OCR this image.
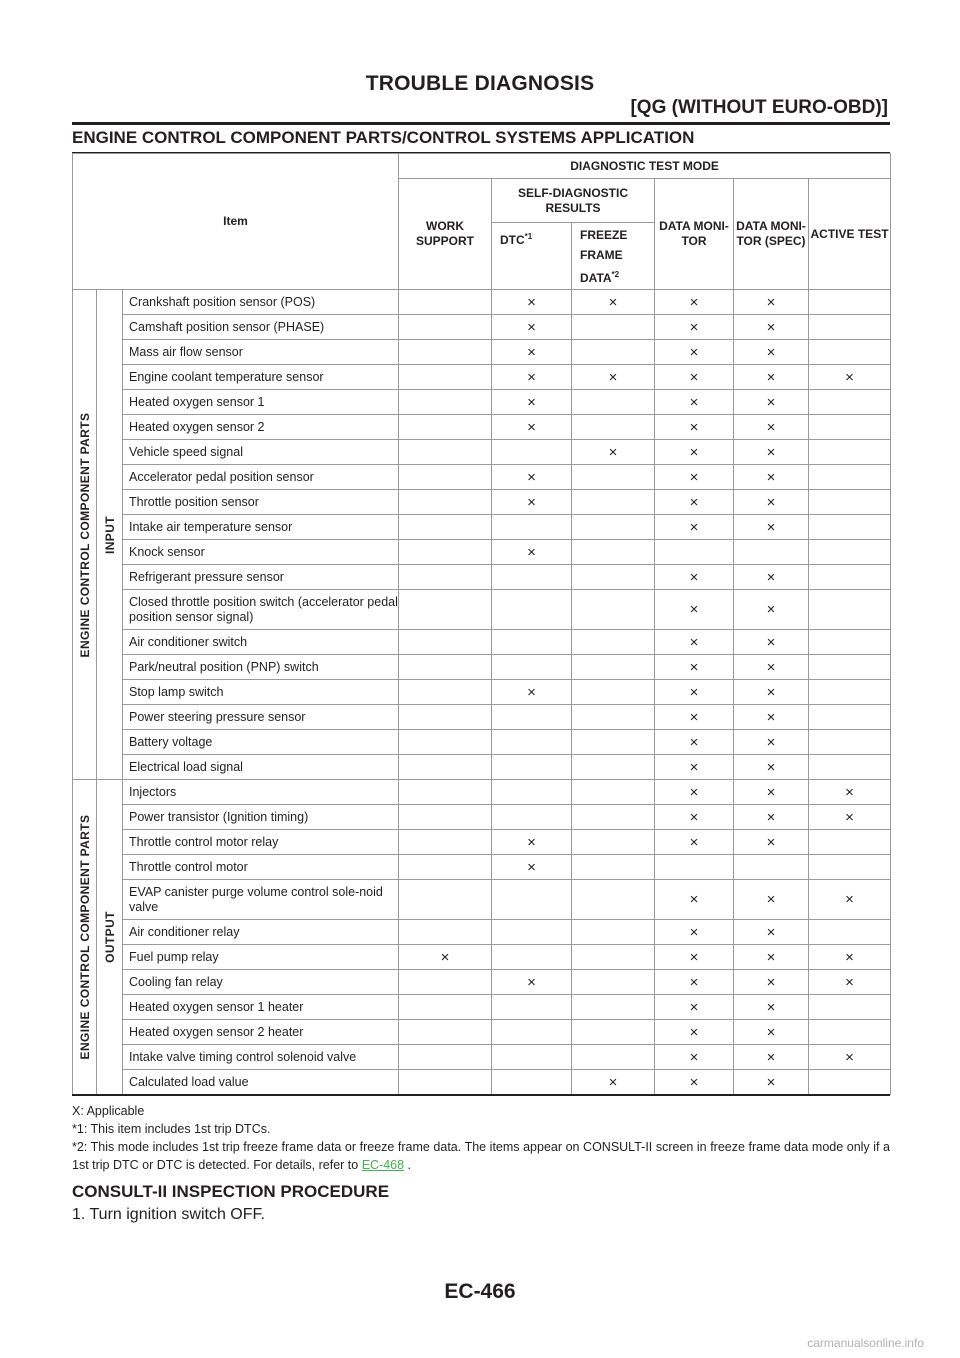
TROUBLE DIAGNOSIS
[QG (WITHOUT EURO-OBD)]
ENGINE CONTROL COMPONENT PARTS/CONTROL SYSTEMS APPLICATION
Item			DIAGNOSTIC TEST MODE					
			WORK SUPPORT	SELF-DIAGNOSTIC RESULTS		DATA MONI-TOR	DATA MONI-TOR (SPEC)	ACTIVE TEST
				DTC$^{*1}$	FREEZE FRAME DATA$^{*2}$

ENGINE CONTROL COMPONENT PARTS	INPUT	Crankshaft position sensor (POS)		×	×	×	×	
		Camshaft position sensor (PHASE)		×		×	×	
		Mass air flow sensor		×		×	×	
		Engine coolant temperature sensor		×	×	×	×	×
		Heated oxygen sensor 1		×		×	×	
		Heated oxygen sensor 2		×		×	×	
		Vehicle speed signal			×	×	×	
		Accelerator pedal position sensor		×		×	×	
		Throttle position sensor		×		×	×	
		Intake air temperature sensor				×	×	
		Knock sensor		×				
		Refrigerant pressure sensor				×	×	
		Closed throttle position switch (accelerator pedal position sensor signal)				×	×	
		Air conditioner switch				×	×	
		Park/neutral position (PNP) switch				×	×	
		Stop lamp switch		×		×	×	
		Power steering pressure sensor				×	×	
		Battery voltage				×	×	
		Electrical load signal				×	×	

ENGINE CONTROL COMPONENT PARTS	OUTPUT	Injectors				×	×	×
		Power transistor (Ignition timing)				×	×	×
		Throttle control motor relay		×		×	×	
		Throttle control motor		×				
		EVAP canister purge volume control sole-noid valve				×	×	×
		Air conditioner relay				×	×	
		Fuel pump relay	×			×	×	×
		Cooling fan relay		×		×	×	×
		Heated oxygen sensor 1 heater				×	×	
		Heated oxygen sensor 2 heater				×	×	
		Intake valve timing control solenoid valve				×	×	×
		Calculated load value			×	×	×	

X: Applicable

*1: This item includes 1st trip DTCs.

*2: This mode includes 1st trip freeze frame data or freeze frame data. The items appear on CONSULT-II screen in freeze frame data mode only if a 1st trip DTC or DTC is detected. For details, refer to EC-468 .

CONSULT-II INSPECTION PROCEDURE
1. Turn ignition switch OFF.
EC-466
carmanualsonline.info
